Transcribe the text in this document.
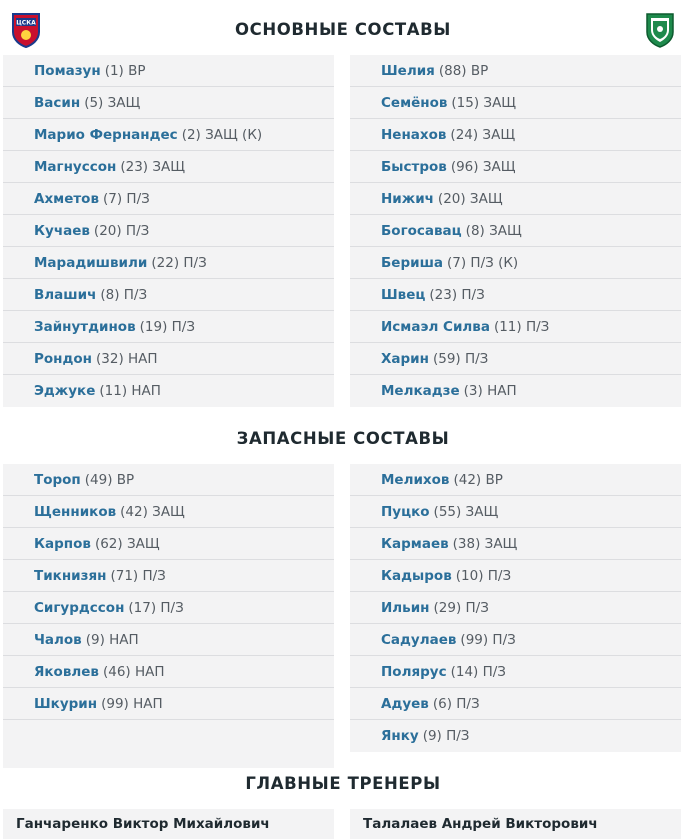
ЦСКА	ОСНОВНЫЕ СОСТАВЫ
Помазун (1) ВР
Васин (5) ЗАЩ
Марио Фернандес (2) ЗАЩ (К)
Магнуссон (23) ЗАЩ
Ахметов (7) П/З
Кучаев (20) П/З
Марадишвили (22) П/З
Влашич (8) П/З
Зайнутдинов (19) П/З
Рондон (32) НАП
Эджуке (11) НАП
Шелия (88) ВР
Семёнов (15) ЗАЩ
Ненахов (24) ЗАЩ
Быстров (96) ЗАЩ
Нижич (20) ЗАЩ
Богосавац (8) ЗАЩ
Бериша (7) П/З (К)
Швец (23) П/З
Исмаэл Силва (11) П/З
Харин (59) П/З
Мелкадзе (3) НАП
ЗАПАСНЫЕ СОСТАВЫ
Тороп (49) ВР
Щенников (42) ЗАЩ
Карпов (62) ЗАЩ
Тикнизян (71) П/З
Сигурдссон (17) П/З
Чалов (9) НАП
Яковлев (46) НАП
Шкурин (99) НАП
Мелихов (42) ВР
Пуцко (55) ЗАЩ
Кармаев (38) ЗАЩ
Кадыров (10) П/З
Ильин (29) П/З
Садулаев (99) П/З
Полярус (14) П/З
Адуев (6) П/З
Янку (9) П/З
ГЛАВНЫЕ ТРЕНЕРЫ
Ганчаренко Виктор Михайлович	Талалаев Андрей Викторович
